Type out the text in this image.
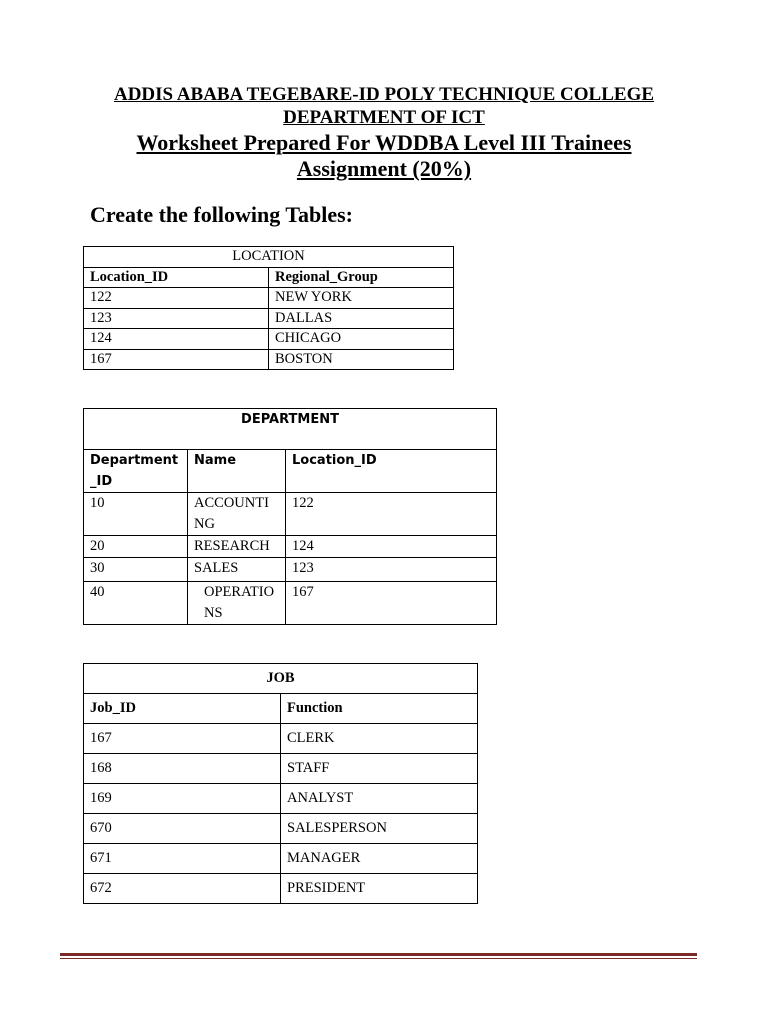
ADDIS ABABA TEGEBARE-ID POLY TECHNIQUE COLLEGE

DEPARTMENT OF ICT

Worksheet Prepared For WDDBA Level III Trainees

Assignment (20%)

Create the following Tables:

LOCATION	
Location_ID	Regional_Group
122	NEW YORK
123	DALLAS
124	CHICAGO
167	BOSTON
DEPARTMENT		
Department _ID	Name	Location_ID
10	ACCOUNTI NG	122
20	RESEARCH	124
30	SALES	123
40	OPERATIO NS	167
JOB	
Job_ID	Function
167	CLERK
168	STAFF
169	ANALYST
670	SALESPERSON
671	MANAGER
672	PRESIDENT
